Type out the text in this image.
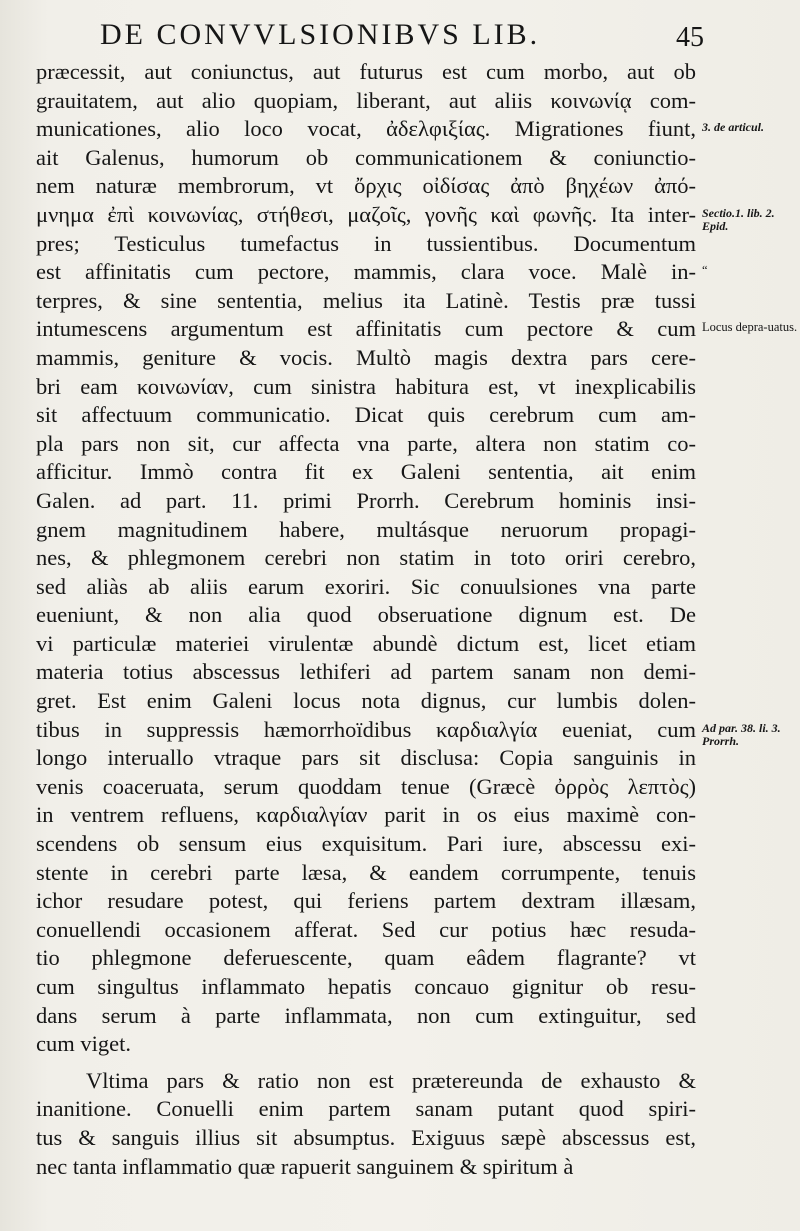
DE CONVVLSIONIBVS LIB.	45
præcessit, aut coniunctus, aut futurus est cum morbo, aut ob
grauitatem, aut alio quopiam, liberant, aut aliis κοινωνίᾳ com-
municationes, alio loco vocat, ἀδελφιξίας. Migrationes fiunt,
ait Galenus, humorum ob communicationem & coniunctio-
nem naturæ membrorum, vt ὄρχις οἰδίσας ἀπὸ βηχέων ἀπό-
μνημα ἐπὶ κοινωνίας, στήθεσι, μαζοῖς, γονῆς καὶ φωνῆς. Ita inter-
pres; Testiculus tumefactus in tussientibus. Documentum
est affinitatis cum pectore, mammis, clara voce. Malè in-
terpres, & sine sententia, melius ita Latinè. Testis præ tussi
intumescens argumentum est affinitatis cum pectore & cum
mammis, geniture & vocis. Multò magis dextra pars cere-
bri eam κοινωνίαν, cum sinistra habitura est, vt inexplicabilis
sit affectuum communicatio. Dicat quis cerebrum cum am-
pla pars non sit, cur affecta vna parte, altera non statim co-
afficitur. Immò contra fit ex Galeni sententia, ait enim
Galen. ad part. 11. primi Prorrh. Cerebrum hominis insi-
gnem magnitudinem habere, multásque neruorum propagi-
nes, & phlegmonem cerebri non statim in toto oriri cerebro,
sed aliàs ab aliis earum exoriri. Sic conuulsiones vna parte
eueniunt, & non alia quod obseruatione dignum est. De
vi particulæ materiei virulentæ abundè dictum est, licet etiam
materia totius abscessus lethiferi ad partem sanam non demi-
gret. Est enim Galeni locus nota dignus, cur lumbis dolen-
tibus in suppressis hæmorrhoïdibus καρδιαλγία eueniat, cum
longo interuallo vtraque pars sit disclusa: Copia sanguinis in
venis coaceruata, serum quoddam tenue (Græcè ὀρρὸς λεπτὸς)
in ventrem refluens, καρδιαλγίαν parit in os eius maximè con-
scendens ob sensum eius exquisitum. Pari iure, abscessu exi-
stente in cerebri parte læsa, & eandem corrumpente, tenuis
ichor resudare potest, qui feriens partem dextram illæsam,
conuellendi occasionem afferat. Sed cur potius hæc resuda-
tio phlegmone deferuescente, quam eâdem flagrante? vt
cum singultus inflammato hepatis concauo gignitur ob resu-
dans serum à parte inflammata, non cum extinguitur, sed
cum viget.
Vltima pars & ratio non est prætereunda de exhausto &
inanitione. Conuelli enim partem sanam putant quod spiri-
tus & sanguis illius sit absumptus. Exiguus sæpè abscessus est,
nec tanta inflammatio quæ rapuerit sanguinem & spiritum à
3. de articul.
Sectio.1. lib. 2. Epid.
“
Locus depra-uatus.
Ad par. 38. li. 3. Prorrh.
